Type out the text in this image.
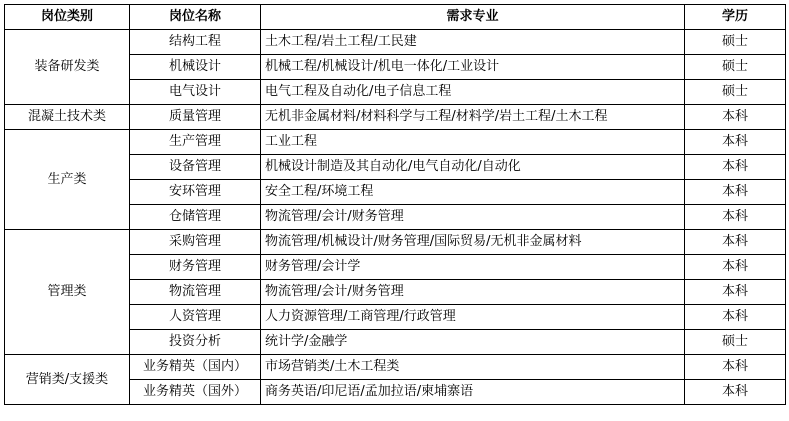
岗位类别	岗位名称	需求专业	学历
装备研发类	结构工程	土木工程/岩土工程/工民建	硕士
	机械设计	机械工程/机械设计/机电一体化/工业设计	硕士
	电气设计	电气工程及自动化/电子信息工程	硕士
混凝土技术类	质量管理	无机非金属材料/材料科学与工程/材料学/岩土工程/土木工程	本科
生产类	生产管理	工业工程	本科
	设备管理	机械设计制造及其自动化/电气自动化/自动化	本科
	安环管理	安全工程/环境工程	本科
	仓储管理	物流管理/会计/财务管理	本科
管理类	采购管理	物流管理/机械设计/财务管理/国际贸易/无机非金属材料	本科
	财务管理	财务管理/会计学	本科
	物流管理	物流管理/会计/财务管理	本科
	人资管理	人力资源管理/工商管理/行政管理	本科
	投资分析	统计学/金融学	硕士
营销类/支援类	业务精英（国内）	市场营销类/土木工程类	本科
	业务精英（国外）	商务英语/印尼语/孟加拉语/柬埔寨语	本科
